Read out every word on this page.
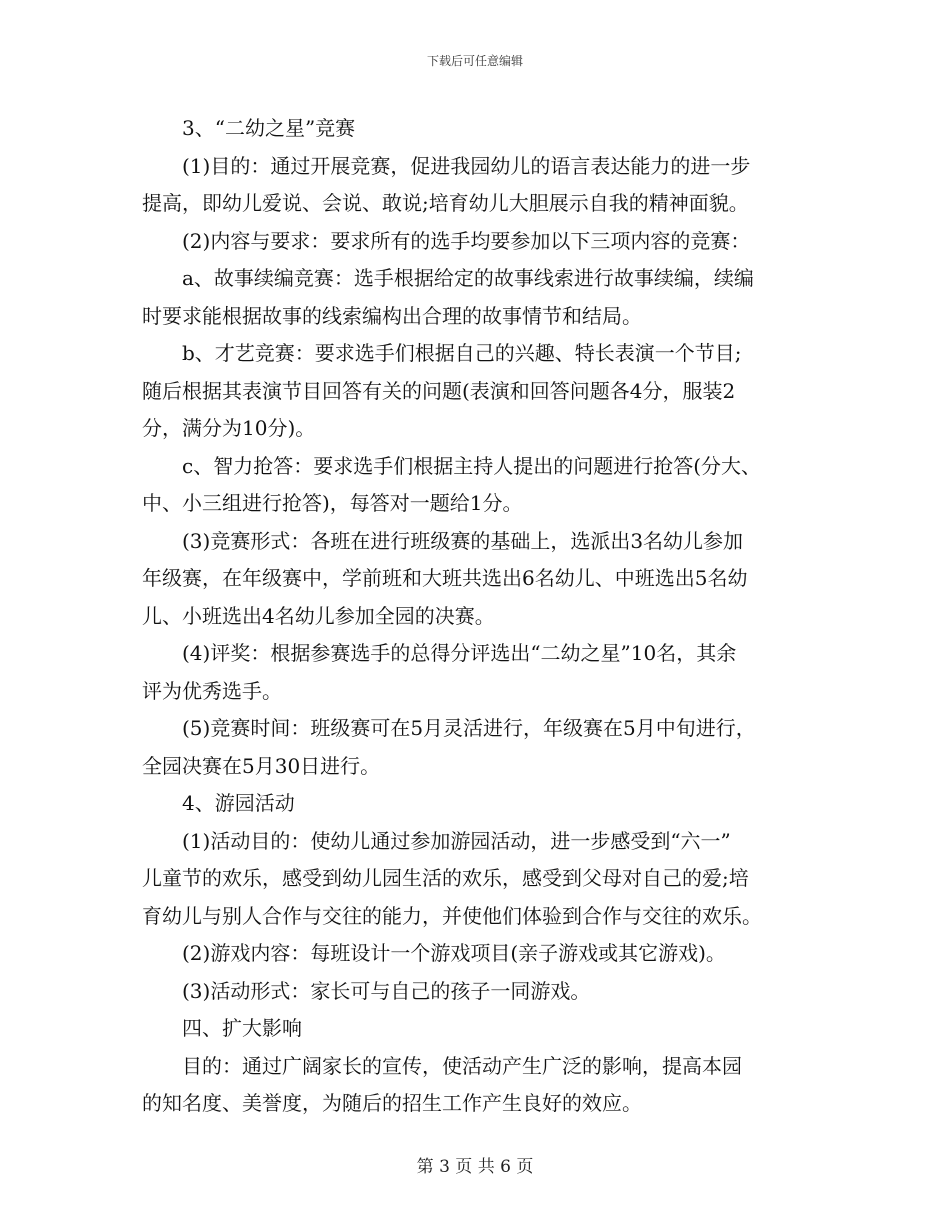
下载后可任意编辑
3、“二幼之星”竞赛
(1)目的：通过开展竞赛，促进我园幼儿的语言表达能力的进一步
提高，即幼儿爱说、会说、敢说;培育幼儿大胆展示自我的精神面貌。
(2)内容与要求：要求所有的选手均要参加以下三项内容的竞赛：
a、故事续编竞赛：选手根据给定的故事线索进行故事续编，续编
时要求能根据故事的线索编构出合理的故事情节和结局。
b、才艺竞赛：要求选手们根据自己的兴趣、特长表演一个节目;
随后根据其表演节目回答有关的问题(表演和回答问题各4分，服装2
分，满分为10分)。
c、智力抢答：要求选手们根据主持人提出的问题进行抢答(分大、
中、小三组进行抢答)，每答对一题给1分。
(3)竞赛形式：各班在进行班级赛的基础上，选派出3名幼儿参加
年级赛，在年级赛中，学前班和大班共选出6名幼儿、中班选出5名幼
儿、小班选出4名幼儿参加全园的决赛。
(4)评奖：根据参赛选手的总得分评选出“二幼之星”10名，其余
评为优秀选手。
(5)竞赛时间：班级赛可在5月灵活进行，年级赛在5月中旬进行，
全园决赛在5月30日进行。
4、游园活动
(1)活动目的：使幼儿通过参加游园活动，进一步感受到“六一”
儿童节的欢乐，感受到幼儿园生活的欢乐，感受到父母对自己的爱;培
育幼儿与别人合作与交往的能力，并使他们体验到合作与交往的欢乐。
(2)游戏内容：每班设计一个游戏项目(亲子游戏或其它游戏)。
(3)活动形式：家长可与自己的孩子一同游戏。
四、扩大影响
目的：通过广阔家长的宣传，使活动产生广泛的影响，提高本园
的知名度、美誉度，为随后的招生工作产生良好的效应。
第 3 页 共 6 页
